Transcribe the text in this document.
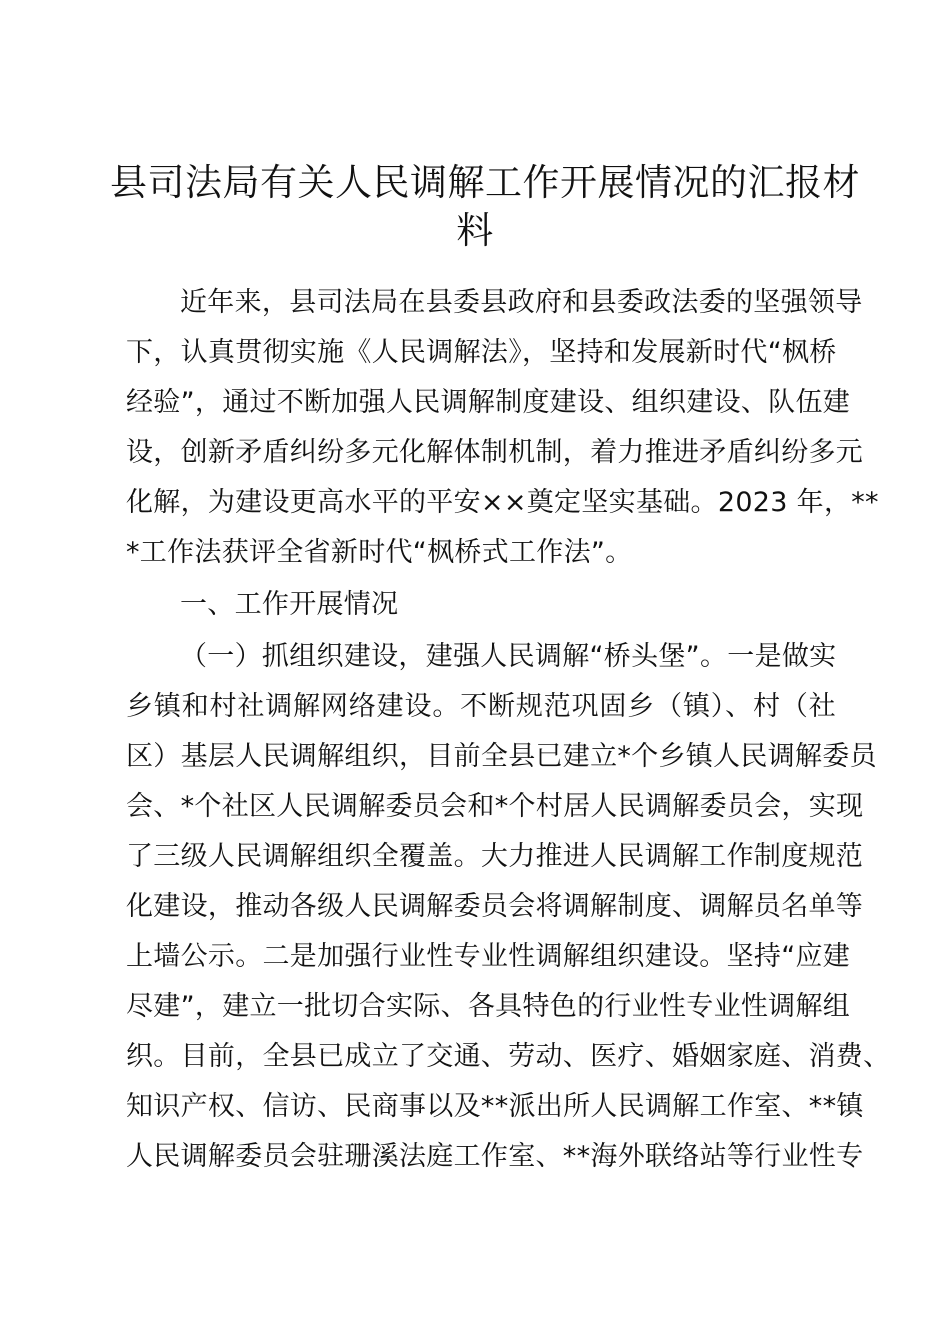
县司法局有关人民调解工作开展情况的汇报材
料
近年来，县司法局在县委县政府和县委政法委的坚强领导
下，认真贯彻实施《人民调解法》，坚持和发展新时代“枫桥
经验”，通过不断加强人民调解制度建设、组织建设、队伍建
设，创新矛盾纠纷多元化解体制机制，着力推进矛盾纠纷多元
化解，为建设更高水平的平安××奠定坚实基础。2023 年，**
*工作法获评全省新时代“枫桥式工作法”。
一、工作开展情况
（一）抓组织建设，建强人民调解“桥头堡”。一是做实
乡镇和村社调解网络建设。不断规范巩固乡（镇）、村（社
区）基层人民调解组织，目前全县已建立*个乡镇人民调解委员
会、*个社区人民调解委员会和*个村居人民调解委员会，实现
了三级人民调解组织全覆盖。大力推进人民调解工作制度规范
化建设，推动各级人民调解委员会将调解制度、调解员名单等
上墙公示。二是加强行业性专业性调解组织建设。坚持“应建
尽建”，建立一批切合实际、各具特色的行业性专业性调解组
织。目前，全县已成立了交通、劳动、医疗、婚姻家庭、消费、
知识产权、信访、民商事以及**派出所人民调解工作室、**镇
人民调解委员会驻珊溪法庭工作室、**海外联络站等行业性专
